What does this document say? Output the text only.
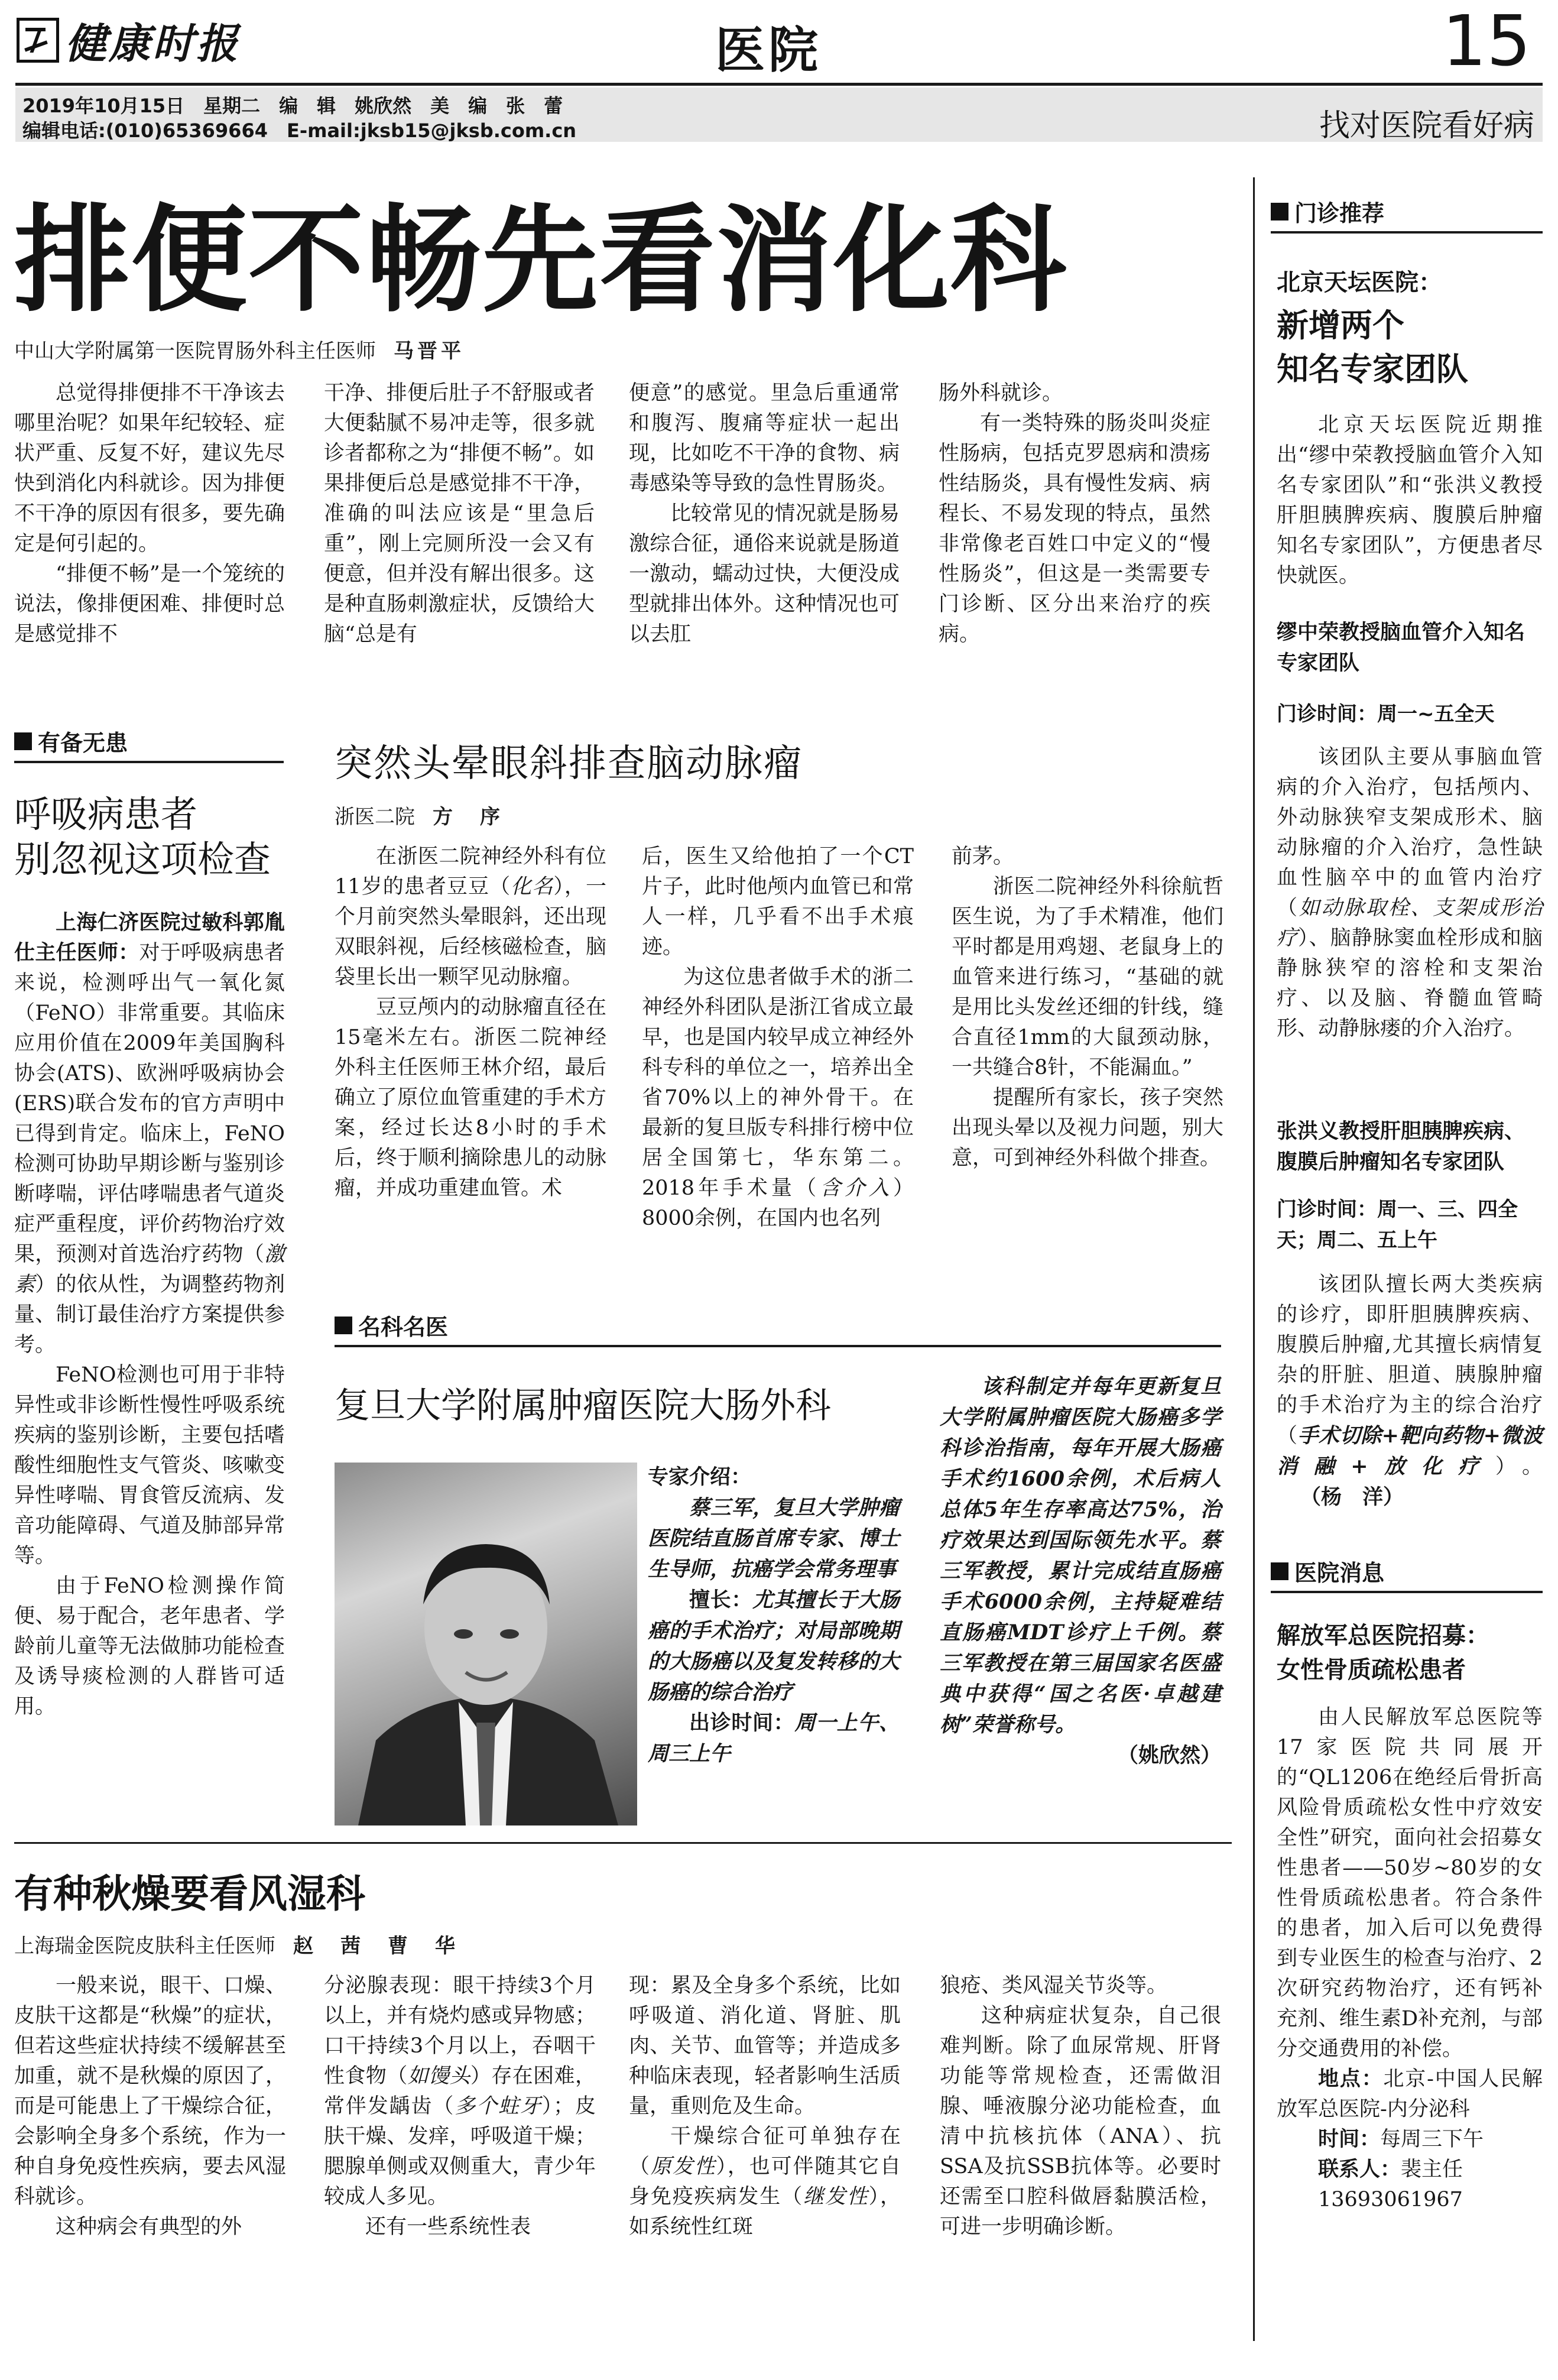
健康时报	医院	15
2019年10月15日　星期二　编　辑　姚欣然　美　编　张　蕾
编辑电话:(010)65369664　E-mail:jksb15@jksb.com.cn	找对医院看好病
排便不畅先看消化科
中山大学附属第一医院胃肠外科主任医师 马晋平

总觉得排便排不干净该去哪里治呢？如果年纪较轻、症状严重、反复不好，建议先尽快到消化内科就诊。因为排便不干净的原因有很多，要先确定是何引起的。

“排便不畅”是一个笼统的说法，像排便困难、排便时总是感觉排不

干净、排便后肚子不舒服或者大便黏腻不易冲走等，很多就诊者都称之为“排便不畅”。如果排便后总是感觉排不干净，准确的叫法应该是“里急后重”，刚上完厕所没一会又有便意，但并没有解出很多。这是种直肠刺激症状，反馈给大脑“总是有

便意”的感觉。里急后重通常和腹泻、腹痛等症状一起出现，比如吃不干净的食物、病毒感染等导致的急性胃肠炎。

比较常见的情况就是肠易激综合征，通俗来说就是肠道一激动，蠕动过快，大便没成型就排出体外。这种情况也可以去肛

肠外科就诊。

有一类特殊的肠炎叫炎症性肠病，包括克罗恩病和溃疡性结肠炎，具有慢性发病、病程长、不易发现的特点，虽然非常像老百姓口中定义的“慢性肠炎”，但这是一类需要专门诊断、区分出来治疗的疾病。

有备无患
呼吸病患者
别忽视这项检查

上海仁济医院过敏科郭胤仕主任医师：对于呼吸病患者来说，检测呼出气一氧化氮（FeNO）非常重要。其临床应用价值在2009年美国胸科协会(ATS)、欧洲呼吸病协会(ERS)联合发布的官方声明中已得到肯定。临床上，FeNO检测可协助早期诊断与鉴别诊断哮喘，评估哮喘患者气道炎症严重程度，评价药物治疗效果，预测对首选治疗药物（激素）的依从性，为调整药物剂量、制订最佳治疗方案提供参考。

FeNO检测也可用于非特异性或非诊断性慢性呼吸系统疾病的鉴别诊断，主要包括嗜酸性细胞性支气管炎、咳嗽变异性哮喘、胃食管反流病、发音功能障碍、气道及肺部异常等。

由于FeNO检测操作简便、易于配合，老年患者、学龄前儿童等无法做肺功能检查及诱导痰检测的人群皆可适用。

突然头晕眼斜排查脑动脉瘤
浙医二院 方　序

在浙医二院神经外科有位11岁的患者豆豆（化名），一个月前突然头晕眼斜，还出现双眼斜视，后经核磁检查，脑袋里长出一颗罕见动脉瘤。

豆豆颅内的动脉瘤直径在15毫米左右。浙医二院神经外科主任医师王林介绍，最后确立了原位血管重建的手术方案，经过长达8小时的手术后，终于顺利摘除患儿的动脉瘤，并成功重建血管。术

后，医生又给他拍了一个CT片子，此时他颅内血管已和常人一样，几乎看不出手术痕迹。

为这位患者做手术的浙二神经外科团队是浙江省成立最早，也是国内较早成立神经外科专科的单位之一，培养出全省70%以上的神外骨干。在最新的复旦版专科排行榜中位居全国第七，华东第二。2018年手术量（含介入）8000余例，在国内也名列

前茅。

浙医二院神经外科徐航哲医生说，为了手术精准，他们平时都是用鸡翅、老鼠身上的血管来进行练习，“基础的就是用比头发丝还细的针线，缝合直径1mm的大鼠颈动脉，一共缝合8针，不能漏血。”

提醒所有家长，孩子突然出现头晕以及视力问题，别大意，可到神经外科做个排查。

名科名医
复旦大学附属肿瘤医院大肠外科

专家介绍：

蔡三军，复旦大学肿瘤医院结直肠首席专家、博士生导师，抗癌学会常务理事

擅长：尤其擅长于大肠癌的手术治疗；对局部晚期的大肠癌以及复发转移的大肠癌的综合治疗

出诊时间：周一上午、周三上午

该科制定并每年更新复旦大学附属肿瘤医院大肠癌多学科诊治指南，每年开展大肠癌手术约1600余例，术后病人总体5年生存率高达75%，治疗效果达到国际领先水平。蔡三军教授，累计完成结直肠癌手术6000余例，主持疑难结直肠癌MDT诊疗上千例。蔡三军教授在第三届国家名医盛典中获得“国之名医·卓越建树”荣誉称号。

（姚欣然）

有种秋燥要看风湿科
上海瑞金医院皮肤科主任医师 赵　茜　曹　华

一般来说，眼干、口燥、皮肤干这都是“秋燥”的症状，但若这些症状持续不缓解甚至加重，就不是秋燥的原因了，而是可能患上了干燥综合征，会影响全身多个系统，作为一种自身免疫性疾病，要去风湿科就诊。

这种病会有典型的外

分泌腺表现：眼干持续3个月以上，并有烧灼感或异物感；口干持续3个月以上，吞咽干性食物（如馒头）存在困难，常伴发龋齿（多个蛀牙）；皮肤干燥、发痒，呼吸道干燥；腮腺单侧或双侧重大，青少年较成人多见。

还有一些系统性表

现：累及全身多个系统，比如呼吸道、消化道、肾脏、肌肉、关节、血管等；并造成多种临床表现，轻者影响生活质量，重则危及生命。

干燥综合征可单独存在（原发性），也可伴随其它自身免疫疾病发生（继发性），如系统性红斑

狼疮、类风湿关节炎等。

这种病症状复杂，自己很难判断。除了血尿常规、肝肾功能等常规检查，还需做泪腺、唾液腺分泌功能检查，血清中抗核抗体（ANA）、抗SSA及抗SSB抗体等。必要时还需至口腔科做唇黏膜活检，可进一步明确诊断。

门诊推荐
北京天坛医院：
新增两个
知名专家团队

北京天坛医院近期推出“缪中荣教授脑血管介入知名专家团队”和“张洪义教授肝胆胰脾疾病、腹膜后肿瘤知名专家团队”，方便患者尽快就医。

缪中荣教授脑血管介入知名专家团队
门诊时间：周一~五全天

该团队主要从事脑血管病的介入治疗，包括颅内、外动脉狭窄支架成形术、脑动脉瘤的介入治疗，急性缺血性脑卒中的血管内治疗（如动脉取栓、支架成形治疗）、脑静脉窦血栓形成和脑静脉狭窄的溶栓和支架治疗、以及脑、脊髓血管畸形、动静脉瘘的介入治疗。

张洪义教授肝胆胰脾疾病、腹膜后肿瘤知名专家团队
门诊时间：周一、三、四全天；周二、五上午

该团队擅长两大类疾病的诊疗，即肝胆胰脾疾病、腹膜后肿瘤,尤其擅长病情复杂的肝脏、胆道、胰腺肿瘤的手术治疗为主的综合治疗（手术切除+靶向药物+微波消融+放化疗）。（杨　洋）

医院消息
解放军总医院招募：
女性骨质疏松患者

由人民解放军总医院等17家医院共同展开的“QL1206在绝经后骨折高风险骨质疏松女性中疗效安全性”研究，面向社会招募女性患者——50岁~80岁的女性骨质疏松患者。符合条件的患者，加入后可以免费得到专业医生的检查与治疗、2次研究药物治疗，还有钙补充剂、维生素D补充剂，与部分交通费用的补偿。

地点：北京-中国人民解放军总医院-内分泌科

时间：每周三下午

联系人：裴主任

13693061967
